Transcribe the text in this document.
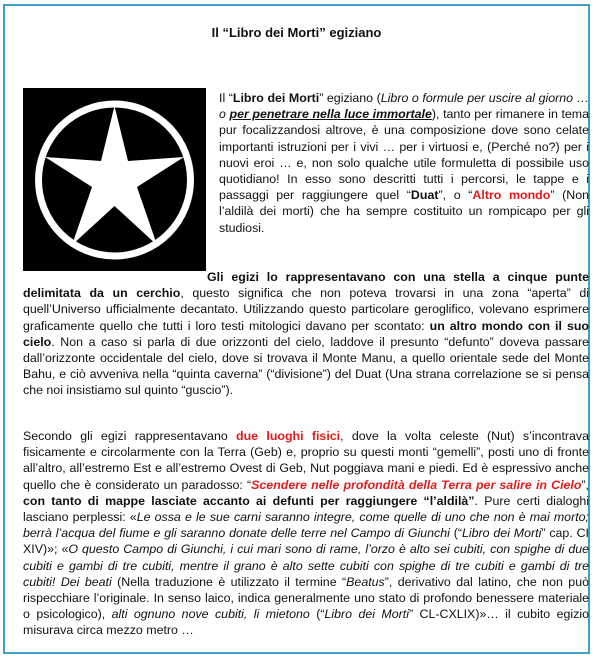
Il “Libro dei Morti” egiziano

Il “Libro dei Morti” egiziano (Libro o formule per uscire al giorno … o per penetrare nella luce immortale), tanto per rimanere in tema pur focalizzandosi altrove, è una composizione dove sono celate importanti istruzioni per i vivi … per i virtuosi e, (Perché no?) per i nuovi eroi … e, non solo qualche utile formuletta di possibile uso quotidiano! In esso sono descritti tutti i percorsi, le tappe e i passaggi per raggiungere quel “Duat”, o “Altro mondo” (Non l’aldilà dei morti) che ha sempre costituito un rompicapo per gli studiosi.

Gli egizi lo rappresentavano con una stella a cinque punte delimitata da un cerchio, questo significa che non poteva trovarsi in una zona “aperta” di quell’Universo ufficialmente decantato. Utilizzando questo particolare geroglifico, volevano esprimere graficamente quello che tutti i loro testi mitologici davano per scontato: un altro mondo con il suo cielo. Non a caso si parla di due orizzonti del cielo, laddove il presunto “defunto” doveva passare dall’orizzonte occidentale del cielo, dove si trovava il Monte Manu, a quello orientale sede del Monte Bahu, e ciò avveniva nella “quinta caverna” (“divisione”) del Duat (Una strana correlazione se si pensa che noi insistiamo sul quinto “guscio”).

Secondo gli egizi rappresentavano due luoghi fisici, dove la volta celeste (Nut) s’incontrava fisicamente e circolarmente con la Terra (Geb) e, proprio su questi monti “gemelli”, posti uno di fronte all’altro, all’estremo Est e all’estremo Ovest di Geb, Nut poggiava mani e piedi. Ed è espressivo anche quello che è considerato un paradosso: “Scendere nelle profondità della Terra per salire in Cielo”, con tanto di mappe lasciate accanto ai defunti per raggiungere “l’aldilà”. Pure certi dialoghi lasciano perplessi: «Le ossa e le sue carni saranno integre, come quelle di uno che non è mai morto; berrà l’acqua del fiume e gli saranno donate delle terre nel Campo di Giunchi (“Libro dei Morti” cap. CI XIV)»; «O questo Campo di Giunchi, i cui mari sono di rame, l’orzo è alto sei cubiti, con spighe di due cubiti e gambi di tre cubiti, mentre il grano è alto sette cubiti con spighe di tre cubiti e gambi di tre cubiti! Dei beati (Nella traduzione è utilizzato il termine “Beatus”, derivativo dal latino, che non può rispecchiare l’originale. In senso laico, indica generalmente uno stato di profondo benessere materiale o psicologico), alti ognuno nove cubiti, li mietono (“Libro dei Morti” CL-CXLIX)»… il cubito egizio misurava circa mezzo metro …
